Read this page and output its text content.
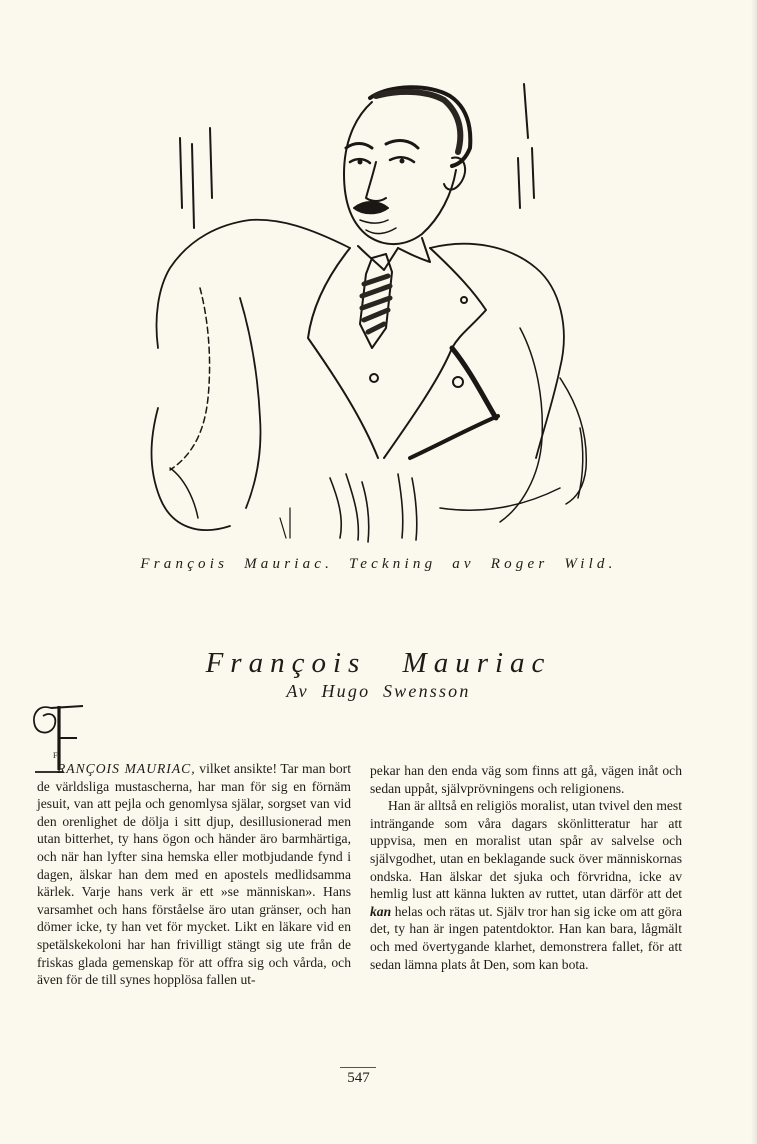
François Mauriac. Teckning av Roger Wild.
François Mauriac
Av Hugo Swensson
F

RANÇOIS MAURIAC, vilket ansikte! Tar man bort de världsliga mustascherna, har man för sig en förnäm jesuit, van att pejla och genomlysa själar, sorgset van vid den orenlighet de dölja i sitt djup, desillusionerad men utan bitterhet, ty hans ögon och händer äro barmhärtiga, och när han lyfter sina hemska eller motbjudande fynd i dagen, älskar han dem med en apostels medlidsamma kärlek. Varje hans verk är ett »se människan». Hans varsamhet och hans förståelse äro utan gränser, och han dömer icke, ty han vet för mycket. Likt en läkare vid en spetälskekoloni har han frivilligt stängt sig ute från de friskas glada gemenskap för att offra sig och vårda, och även för de till synes hopplösa fallen ut-

pekar han den enda väg som finns att gå, vägen inåt och sedan uppåt, självprövningens och religionens.

Han är alltså en religiös moralist, utan tvivel den mest inträngande som våra dagars skönlitteratur har att uppvisa, men en moralist utan spår av salvelse och självgodhet, utan en beklagande suck över människornas ondska. Han älskar det sjuka och förvridna, icke av hemlig lust att känna lukten av ruttet, utan därför att det kan helas och rätas ut. Själv tror han sig icke om att göra det, ty han är ingen patentdoktor. Han kan bara, lågmält och med övertygande klarhet, demonstrera fallet, för att sedan lämna plats åt Den, som kan bota.

547
